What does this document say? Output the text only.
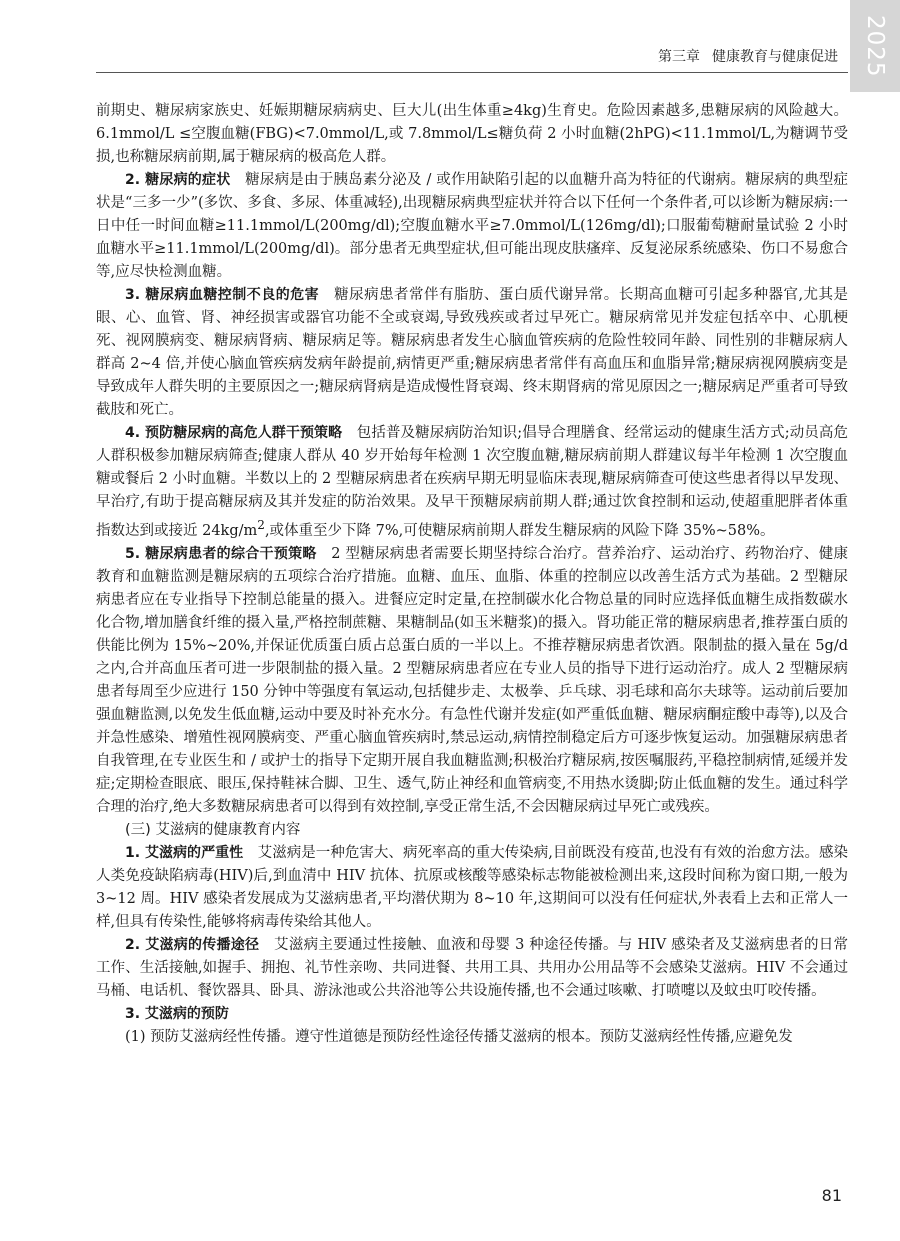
2025
第三章 健康教育与健康促进

前期史、糖尿病家族史、妊娠期糖尿病病史、巨大儿(出生体重≥4kg)生育史。危险因素越多,患糖尿病的风险越大。6.1mmol/L ≤空腹血糖(FBG)<7.0mmol/L,或 7.8mmol/L≤糖负荷 2 小时血糖(2hPG)<11.1mmol/L,为糖调节受损,也称糖尿病前期,属于糖尿病的极高危人群。

2. 糖尿病的症状  糖尿病是由于胰岛素分泌及 / 或作用缺陷引起的以血糖升高为特征的代谢病。糖尿病的典型症状是“三多一少”(多饮、多食、多尿、体重减轻),出现糖尿病典型症状并符合以下任何一个条件者,可以诊断为糖尿病:一日中任一时间血糖≥11.1mmol/L(200mg/dl);空腹血糖水平≥7.0mmol/L(126mg/dl);口服葡萄糖耐量试验 2 小时血糖水平≥11.1mmol/L(200mg/dl)。部分患者无典型症状,但可能出现皮肤瘙痒、反复泌尿系统感染、伤口不易愈合等,应尽快检测血糖。

3. 糖尿病血糖控制不良的危害  糖尿病患者常伴有脂肪、蛋白质代谢异常。长期高血糖可引起多种器官,尤其是眼、心、血管、肾、神经损害或器官功能不全或衰竭,导致残疾或者过早死亡。糖尿病常见并发症包括卒中、心肌梗死、视网膜病变、糖尿病肾病、糖尿病足等。糖尿病患者发生心脑血管疾病的危险性较同年龄、同性别的非糖尿病人群高 2~4 倍,并使心脑血管疾病发病年龄提前,病情更严重;糖尿病患者常伴有高血压和血脂异常;糖尿病视网膜病变是导致成年人群失明的主要原因之一;糖尿病肾病是造成慢性肾衰竭、终末期肾病的常见原因之一;糖尿病足严重者可导致截肢和死亡。

4. 预防糖尿病的高危人群干预策略  包括普及糖尿病防治知识;倡导合理膳食、经常运动的健康生活方式;动员高危人群积极参加糖尿病筛查;健康人群从 40 岁开始每年检测 1 次空腹血糖,糖尿病前期人群建议每半年检测 1 次空腹血糖或餐后 2 小时血糖。半数以上的 2 型糖尿病患者在疾病早期无明显临床表现,糖尿病筛查可使这些患者得以早发现、早治疗,有助于提高糖尿病及其并发症的防治效果。及早干预糖尿病前期人群;通过饮食控制和运动,使超重肥胖者体重指数达到或接近 $24kg/m^2$,或体重至少下降 7%,可使糖尿病前期人群发生糖尿病的风险下降 35%~58%。

5. 糖尿病患者的综合干预策略  2 型糖尿病患者需要长期坚持综合治疗。营养治疗、运动治疗、药物治疗、健康教育和血糖监测是糖尿病的五项综合治疗措施。血糖、血压、血脂、体重的控制应以改善生活方式为基础。2 型糖尿病患者应在专业指导下控制总能量的摄入。进餐应定时定量,在控制碳水化合物总量的同时应选择低血糖生成指数碳水化合物,增加膳食纤维的摄入量,严格控制蔗糖、果糖制品(如玉米糖浆)的摄入。肾功能正常的糖尿病患者,推荐蛋白质的供能比例为 15%~20%,并保证优质蛋白质占总蛋白质的一半以上。不推荐糖尿病患者饮酒。限制盐的摄入量在 5g/d 之内,合并高血压者可进一步限制盐的摄入量。2 型糖尿病患者应在专业人员的指导下进行运动治疗。成人 2 型糖尿病患者每周至少应进行 150 分钟中等强度有氧运动,包括健步走、太极拳、乒乓球、羽毛球和高尔夫球等。运动前后要加强血糖监测,以免发生低血糖,运动中要及时补充水分。有急性代谢并发症(如严重低血糖、糖尿病酮症酸中毒等),以及合并急性感染、增殖性视网膜病变、严重心脑血管疾病时,禁忌运动,病情控制稳定后方可逐步恢复运动。加强糖尿病患者自我管理,在专业医生和 / 或护士的指导下定期开展自我血糖监测;积极治疗糖尿病,按医嘱服药,平稳控制病情,延缓并发症;定期检查眼底、眼压,保持鞋袜合脚、卫生、透气,防止神经和血管病变,不用热水烫脚;防止低血糖的发生。通过科学合理的治疗,绝大多数糖尿病患者可以得到有效控制,享受正常生活,不会因糖尿病过早死亡或残疾。

(三) 艾滋病的健康教育内容

1. 艾滋病的严重性  艾滋病是一种危害大、病死率高的重大传染病,目前既没有疫苗,也没有有效的治愈方法。感染人类免疫缺陷病毒(HIV)后,到血清中 HIV 抗体、抗原或核酸等感染标志物能被检测出来,这段时间称为窗口期,一般为 3~12 周。HIV 感染者发展成为艾滋病患者,平均潜伏期为 8~10 年,这期间可以没有任何症状,外表看上去和正常人一样,但具有传染性,能够将病毒传染给其他人。

2. 艾滋病的传播途径  艾滋病主要通过性接触、血液和母婴 3 种途径传播。与 HIV 感染者及艾滋病患者的日常工作、生活接触,如握手、拥抱、礼节性亲吻、共同进餐、共用工具、共用办公用品等不会感染艾滋病。HIV 不会通过马桶、电话机、餐饮器具、卧具、游泳池或公共浴池等公共设施传播,也不会通过咳嗽、打喷嚏以及蚊虫叮咬传播。

3. 艾滋病的预防

(1) 预防艾滋病经性传播。遵守性道德是预防经性途径传播艾滋病的根本。预防艾滋病经性传播,应避免发

81
